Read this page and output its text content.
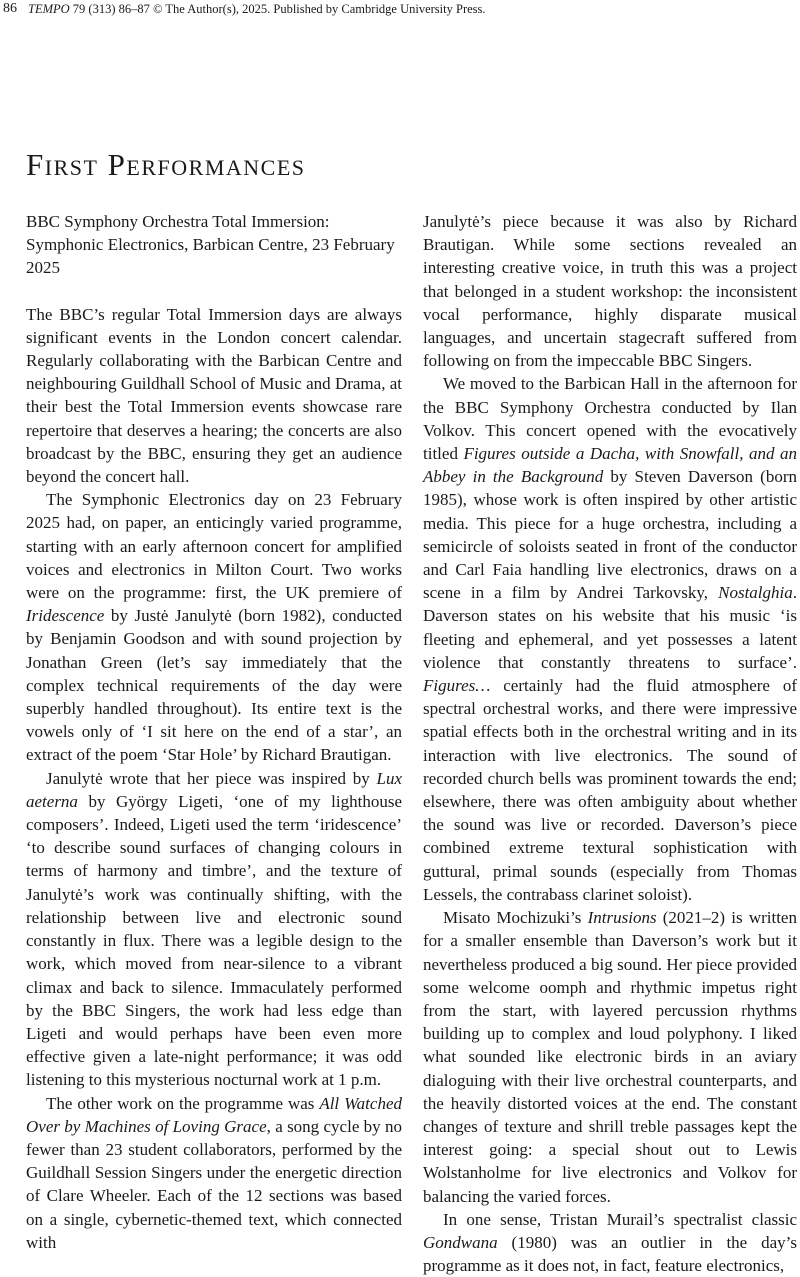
86 TEMPO 79 (313) 86–87 © The Author(s), 2025. Published by Cambridge University Press.
First Performances

BBC Symphony Orchestra Total Immersion: Symphonic Electronics, Barbican Centre, 23 February 2025

The BBC’s regular Total Immersion days are always significant events in the London concert calendar. Regularly collaborating with the Barbican Centre and neighbouring Guildhall School of Music and Drama, at their best the Total Immersion events showcase rare repertoire that deserves a hearing; the concerts are also broadcast by the BBC, ensuring they get an audience beyond the concert hall.

The Symphonic Electronics day on 23 February 2025 had, on paper, an enticingly varied programme, starting with an early afternoon concert for amplified voices and electronics in Milton Court. Two works were on the programme: first, the UK premiere of Iridescence by Justė Janulytė (born 1982), conducted by Benjamin Goodson and with sound projection by Jonathan Green (let’s say immediately that the complex technical requirements of the day were superbly handled throughout). Its entire text is the vowels only of ‘I sit here on the end of a star’, an extract of the poem ‘Star Hole’ by Richard Brautigan.

Janulytė wrote that her piece was inspired by Lux aeterna by György Ligeti, ‘one of my lighthouse composers’. Indeed, Ligeti used the term ‘iridescence’ ‘to describe sound surfaces of changing colours in terms of harmony and timbre’, and the texture of Janulytė’s work was continually shifting, with the relationship between live and electronic sound constantly in flux. There was a legible design to the work, which moved from near-silence to a vibrant climax and back to silence. Immaculately performed by the BBC Singers, the work had less edge than Ligeti and would perhaps have been even more effective given a late-night performance; it was odd listening to this mysterious nocturnal work at 1 p.m.

The other work on the programme was All Watched Over by Machines of Loving Grace, a song cycle by no fewer than 23 student collaborators, performed by the Guildhall Session Singers under the energetic direction of Clare Wheeler. Each of the 12 sections was based on a single, cybernetic-themed text, which connected with

Janulytė’s piece because it was also by Richard Brautigan. While some sections revealed an interesting creative voice, in truth this was a project that belonged in a student workshop: the inconsistent vocal performance, highly disparate musical languages, and uncertain stagecraft suffered from following on from the impeccable BBC Singers.

We moved to the Barbican Hall in the afternoon for the BBC Symphony Orchestra conducted by Ilan Volkov. This concert opened with the evocatively titled Figures outside a Dacha, with Snowfall, and an Abbey in the Background by Steven Daverson (born 1985), whose work is often inspired by other artistic media. This piece for a huge orchestra, including a semicircle of soloists seated in front of the conductor and Carl Faia handling live electronics, draws on a scene in a film by Andrei Tarkovsky, Nostalghia. Daverson states on his website that his music ‘is fleeting and ephemeral, and yet possesses a latent violence that constantly threatens to surface’. Figures… certainly had the fluid atmosphere of spectral orchestral works, and there were impressive spatial effects both in the orchestral writing and in its interaction with live electronics. The sound of recorded church bells was prominent towards the end; elsewhere, there was often ambiguity about whether the sound was live or recorded. Daverson’s piece combined extreme textural sophistication with guttural, primal sounds (especially from Thomas Lessels, the contrabass clarinet soloist).

Misato Mochizuki’s Intrusions (2021–2) is written for a smaller ensemble than Daverson’s work but it nevertheless produced a big sound. Her piece provided some welcome oomph and rhythmic impetus right from the start, with layered percussion rhythms building up to complex and loud polyphony. I liked what sounded like electronic birds in an aviary dialoguing with their live orchestral counterparts, and the heavily distorted voices at the end. The constant changes of texture and shrill treble passages kept the interest going: a special shout out to Lewis Wolstanholme for live electronics and Volkov for balancing the varied forces.

In one sense, Tristan Murail’s spectralist classic Gondwana (1980) was an outlier in the day’s programme as it does not, in fact, feature electronics,
